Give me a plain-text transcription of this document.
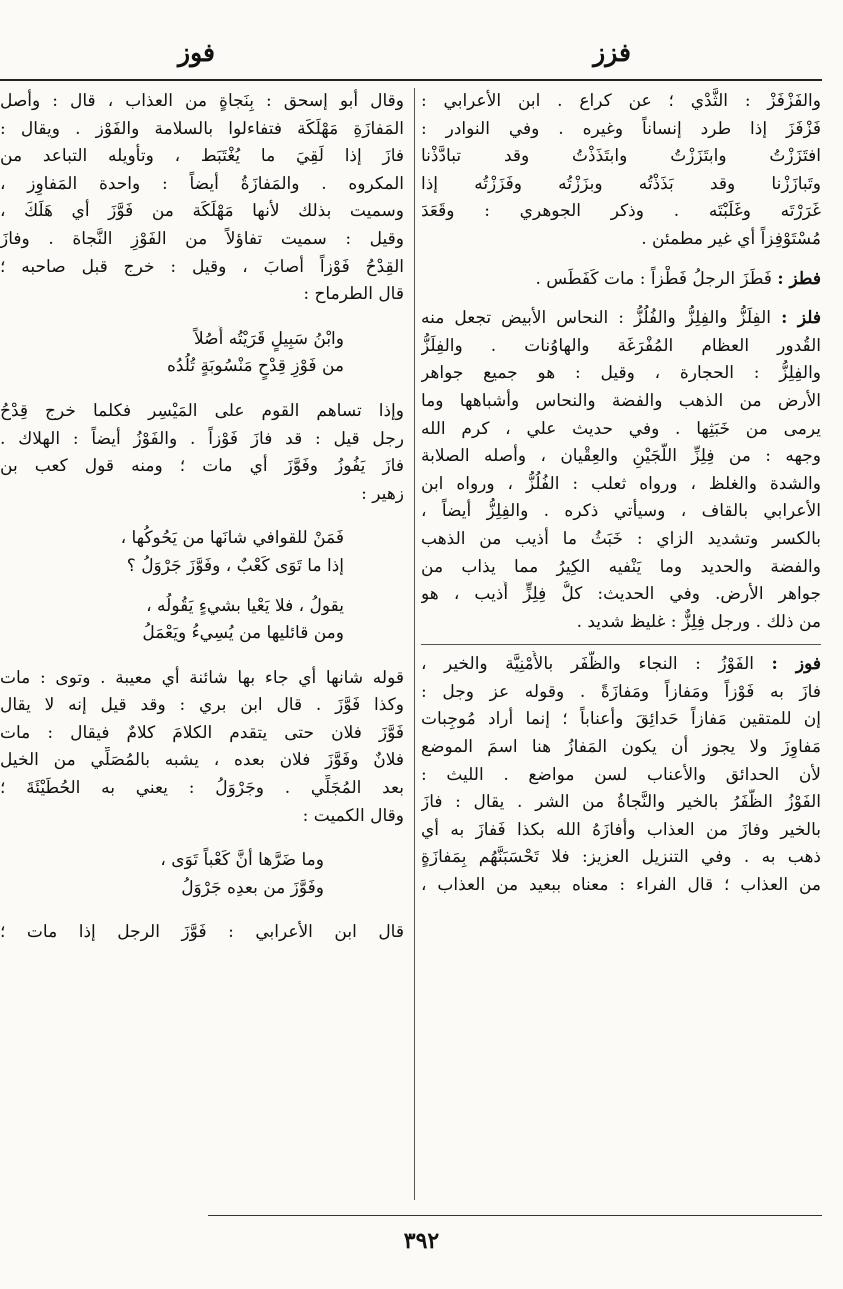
فزز
فوز
والفَزْفَزْ : الثَّدْي ؛ عن كراع . ابن الأعرابي :
فَزْفَزَ إذا طرد إنساناً وغيره . وفي النوادر :
افتَزَزْتُ وابتَزَزْتُ وابتَذَذْتُ وقد تبادَّذْنا
وتَبازَزْنا وقد بَذَذْتُه وبزَزْتُه وفَزَزْتُه إذا
غَرَرْتَه وغَلَبْتَه . وذكر الجوهري : وقَعَدَ
مُسْتَوْفِزاً أي غير مطمئن .
فطز : فَطَزَ الرجلُ فَطْزاً : مات كَفَطَس .
فلز : الفِلَزُّ والفِلِزُّ والفُلُزُّ : النحاس الأبيض تجعل منه
القُدور العظام المُفْرَغَة والهاوُنات . والفِلَزُّ
والفِلِزُّ : الحجارة ، وقيل : هو جميع جواهر
الأرض من الذهب والفضة والنحاس وأشباهها وما
يرمى من خَبَثِها . وفي حديث علي ، كرم الله
وجهه : من فِلِزِّ اللُّجَيْنِ والعِقْيان ، وأصله الصلابة
والشدة والغلظ ، ورواه ثعلب : الفُلُزُّ ، ورواه ابن
الأعرابي بالقاف ، وسيأتي ذكره . والفِلِزُّ أيضاً ،
بالكسر وتشديد الزاي : خَبَثُ ما أذيب من الذهب
والفضة والحديد وما يَنْفيه الكِيرُ مما يذاب من
جواهر الأرض. وفي الحديث: كلُّ فِلِزٍّ أُذيب ، هو
من ذلك . ورجل فِلِزٌّ : غليظ شديد .
فوز : الفَوْزُ : النجاء والظَّفَر بالأُمْنِيَّة والخير ،
فازَ به فَوْزاً ومَفازاً ومَفازَةً . وقوله عز وجل :
إن للمتقين مَفازاً حَدائِقَ وأعناباً ؛ إنما أراد مُوجِبات
مَفاوِزَ ولا يجوز أن يكون المَفازُ هنا اسمَ الموضع
لأن الحدائق والأعناب لسن مواضع . الليث :
الفَوْزُ الظَّفَرُ بالخير والنَّجاةُ من الشر . يقال : فازَ
بالخير وفازَ من العذاب وأفازَهُ الله بكذا فَفازَ به أي
ذهب به . وفي التنزيل العزيز: فلا تَحْسَبَنَّهُم بِمَفازَةٍ
من العذاب ؛ قال الفراء : معناه ببعيد من العذاب ،
وقال أبو إسحق : بِنَجاةٍ من العذاب ، قال : وأصل
المَفازَةِ مَهْلَكَة فتفاءلوا بالسلامة والفَوْز . ويقال :
فازَ إذا لَقِيَ ما يُغْتَبَط ، وتأويله التباعد من
المكروه . والمَفازَةُ أيضاً : واحدة المَفاوِز ،
وسميت بذلك لأنها مَهْلَكَة من فَوَّزَ أي هَلَكَ ،
وقيل : سميت تفاؤلاً من الفَوْزِ النَّجاة . وفازَ
القِدْحُ فَوْزاً أصابَ ، وقيل : خرج قبل صاحبه ؛
قال الطرماح :
وابْنُ سَبِيلٍ قَرَيْتُه أُصُلاً
من فَوْزِ قِدْحٍ مَنْسُوبَةٍ تُلُدُه
وإذا تساهم القوم على المَيْسِر فكلما خرج قِدْحُ
رجل قيل : قد فازَ فَوْزاً . والفَوْزُ أيضاً : الهلاك .
فازَ يَفُوزُ وفَوَّزَ أي مات ؛ ومنه قول كعب بن
زهير :
فَمَنْ للقوافي شانَها من يَحُوكُها ،
إذا ما تَوَى كَعْبٌ ، وفَوَّزَ جَرْوَلُ ؟
يقولُ ، فلا يَعْيا بشيءٍ يَقُولُه ،
ومن قائليها من يُسِيءُ ويَعْمَلُ
قوله شانها أي جاء بها شائنة أي معيبة . وتوى : مات
وكذا فَوَّزَ . قال ابن بري : وقد قيل إنه لا يقال
فَوَّزَ فلان حتى يتقدم الكلامَ كلامٌ فيقال : مات
فلانٌ وفَوَّزَ فلان بعده ، يشبه بالمُصَلِّي من الخيل
بعد المُجَلِّي . وجَرْوَلُ : يعني به الحُطَيْئَةَ ؛
وقال الكميت :
وما ضَرَّها أنَّ كَعْباً تَوَى ،
وفَوَّزَ من بعدِه جَرْوَلُ
قال ابن الأعرابي : فَوَّزَ الرجل إذا مات ؛
٣٩٢
